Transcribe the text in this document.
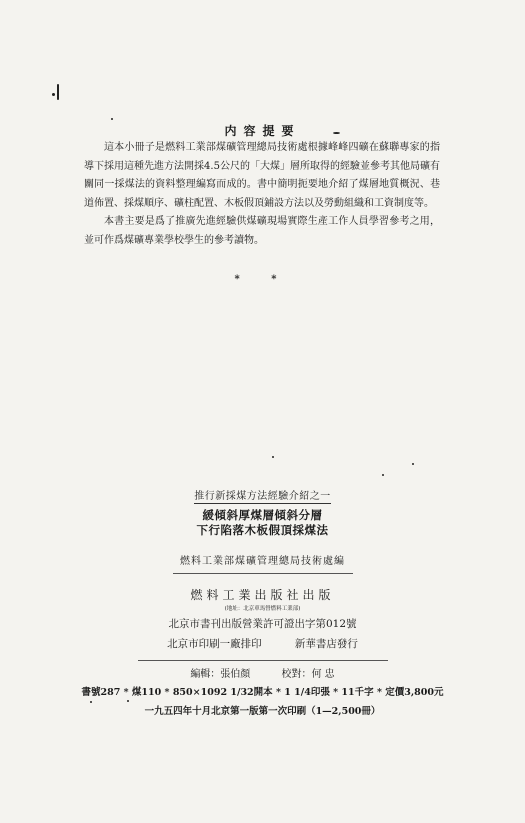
内容提要

這本小冊子是燃料工業部煤礦管理總局技術處根據峰峰四礦在蘇聯專家的指導下採用這種先進方法開採4.5公尺的「大煤」層所取得的經驗並參考其他局礦有關同一採煤法的資料整理編寫而成的。書中簡明扼要地介紹了煤層地質概況、巷道佈置、採煤順序、礦柱配置、木板假頂鋪設方法以及勞動組織和工資制度等。

本書主要是爲了推廣先進經驗供煤礦現場實際生產工作人員學習參考之用，並可作爲煤礦專業學校學生的參考讀物。

* *
推行新採煤方法經驗介紹之一
緩傾斜厚煤層傾斜分層
下行陷落木板假頂採煤法
燃料工業部煤礦管理總局技術處編
燃料工業出版社出版
(地址：北京車馬營燃料工業部)
北京市書刊出版營業許可證出字第012號
北京市印刷一廠排印	新華書店發行
編輯：張伯顏	校對：何 忠
書號287 * 煤110 * 850×1092 1/32開本 * 1 1/4印張 * 11千字 * 定價3,800元
一九五四年十月北京第一版第一次印刷（1—2,500冊）
